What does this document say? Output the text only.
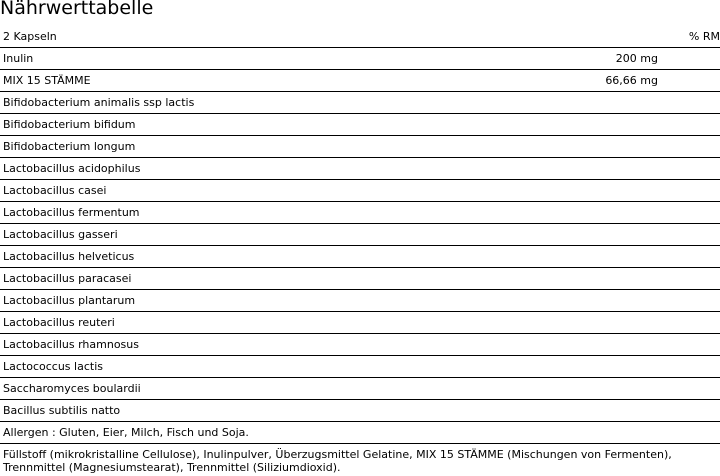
Nährwerttabelle
2 Kapseln	% RM
Inulin	200 mg
MIX 15 STÄMME	66,66 mg
Bifidobacterium animalis ssp lactis
Bifidobacterium bifidum
Bifidobacterium longum
Lactobacillus acidophilus
Lactobacillus casei
Lactobacillus fermentum
Lactobacillus gasseri
Lactobacillus helveticus
Lactobacillus paracasei
Lactobacillus plantarum
Lactobacillus reuteri
Lactobacillus rhamnosus
Lactococcus lactis
Saccharomyces boulardii
Bacillus subtilis natto
Allergen : Gluten, Eier, Milch, Fisch und Soja.
Füllstoff (mikrokristalline Cellulose), Inulinpulver, Überzugsmittel Gelatine, MIX 15 STÄMME (Mischungen von Fermenten), Trennmittel (Magnesiumstearat), Trennmittel (Siliziumdioxid).
